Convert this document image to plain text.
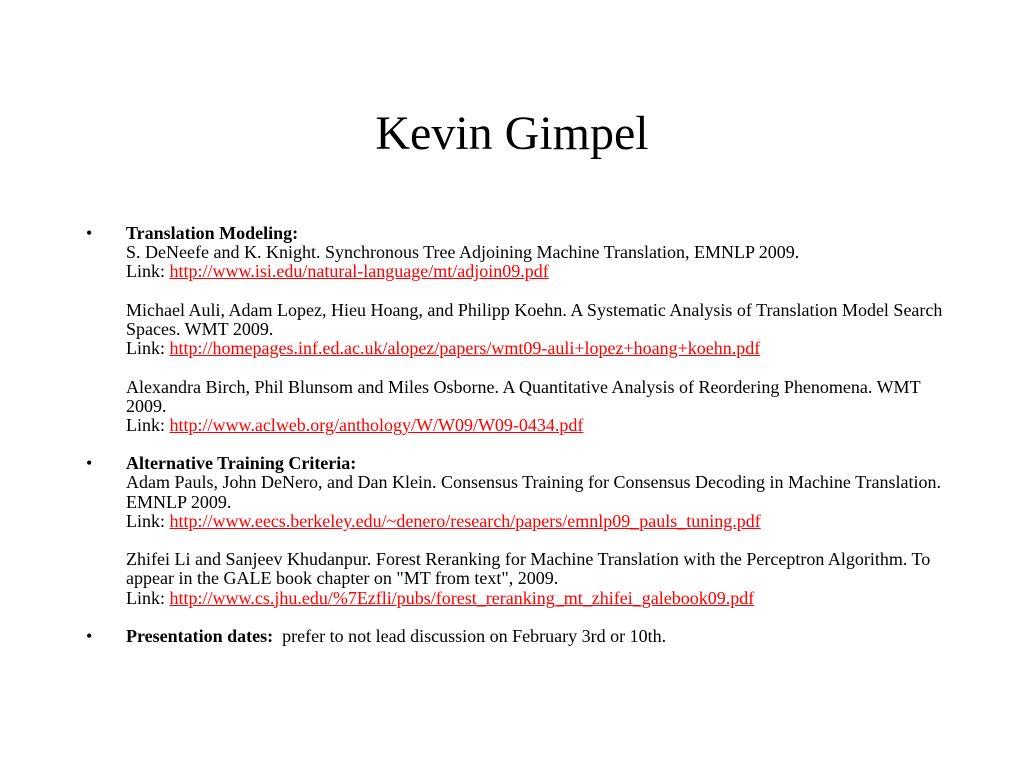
Kevin Gimpel
•	Translation Modeling:
S. DeNeefe and K. Knight. Synchronous Tree Adjoining Machine Translation, EMNLP 2009.
Link: http://www.isi.edu/natural-language/mt/adjoin09.pdf
Michael Auli, Adam Lopez, Hieu Hoang, and Philipp Koehn. A Systematic Analysis of Translation Model Search Spaces. WMT 2009.
Link: http://homepages.inf.ed.ac.uk/alopez/papers/wmt09-auli+lopez+hoang+koehn.pdf
Alexandra Birch, Phil Blunsom and Miles Osborne. A Quantitative Analysis of Reordering Phenomena. WMT 2009.
Link: http://www.aclweb.org/anthology/W/W09/W09-0434.pdf
•	Alternative Training Criteria:
Adam Pauls, John DeNero, and Dan Klein. Consensus Training for Consensus Decoding in Machine Translation. EMNLP 2009.
Link: http://www.eecs.berkeley.edu/~denero/research/papers/emnlp09_pauls_tuning.pdf
Zhifei Li and Sanjeev Khudanpur. Forest Reranking for Machine Translation with the Perceptron Algorithm. To appear in the GALE book chapter on "MT from text", 2009.
Link: http://www.cs.jhu.edu/%7Ezfli/pubs/forest_reranking_mt_zhifei_galebook09.pdf
•	Presentation dates: prefer to not lead discussion on February 3rd or 10th.
